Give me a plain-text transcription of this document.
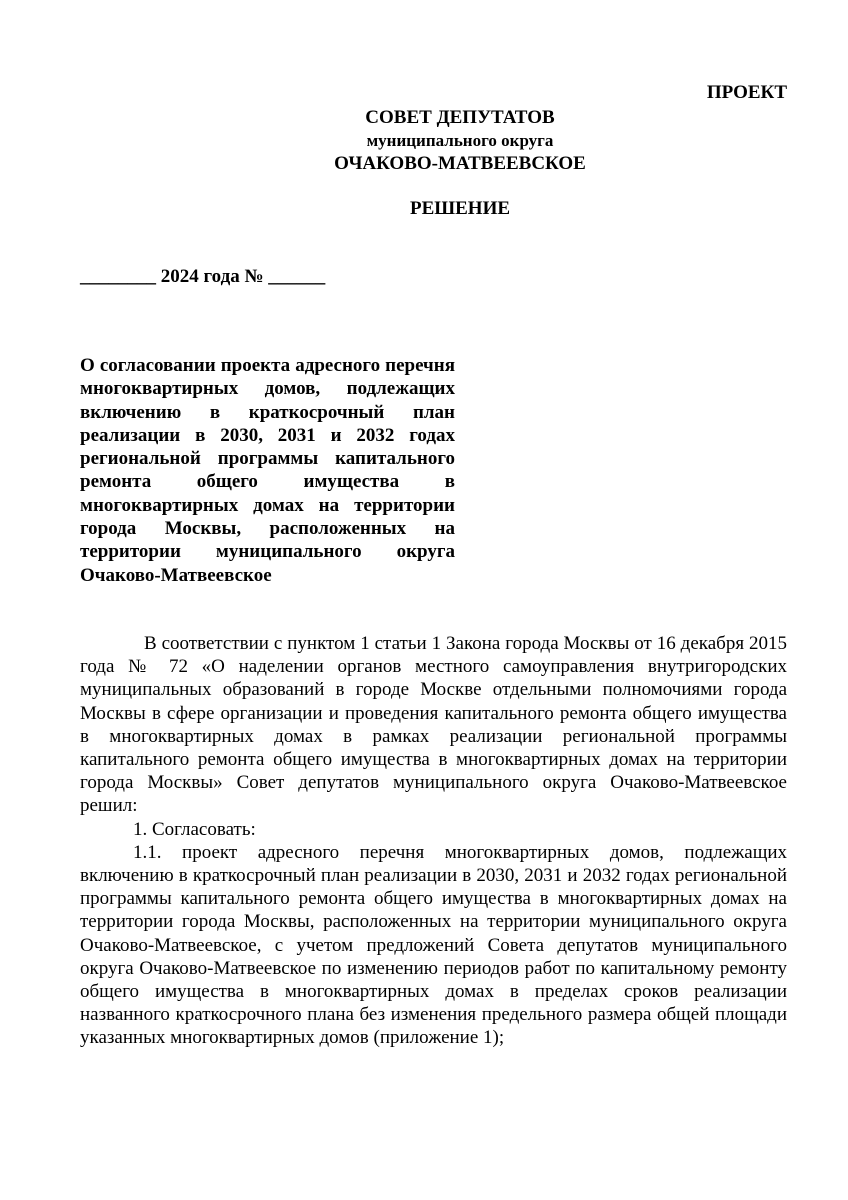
ПРОЕКТ
СОВЕТ ДЕПУТАТОВ
муниципального округа
ОЧАКОВО-МАТВЕЕВСКОЕ
РЕШЕНИЕ
________ 2024 года № ______
О согласовании проекта адресного перечня многоквартирных домов, подлежащих включению в краткосрочный план реализации в 2030, 2031 и 2032 годах региональной программы капитального ремонта общего имущества в многоквартирных домах на территории города Москвы, расположенных на территории муниципального округа Очаково-Матвеевское

В соответствии с пунктом 1 статьи 1 Закона города Москвы от 16 декабря 2015 года № 72 «О наделении органов местного самоуправления внутригородских муниципальных образований в городе Москве отдельными полномочиями города Москвы в сфере организации и проведения капитального ремонта общего имущества в многоквартирных домах в рамках реализации региональной программы капитального ремонта общего имущества в многоквартирных домах на территории города Москвы» Совет депутатов муниципального округа Очаково-Матвеевское решил:

1. Согласовать:

1.1. проект адресного перечня многоквартирных домов, подлежащих включению в краткосрочный план реализации в 2030, 2031 и 2032 годах региональной программы капитального ремонта общего имущества в многоквартирных домах на территории города Москвы, расположенных на территории муниципального округа Очаково-Матвеевское, с учетом предложений Совета депутатов муниципального округа Очаково-Матвеевское по изменению периодов работ по капитальному ремонту общего имущества в многоквартирных домах в пределах сроков реализации названного краткосрочного плана без изменения предельного размера общей площади указанных многоквартирных домов (приложение 1);
